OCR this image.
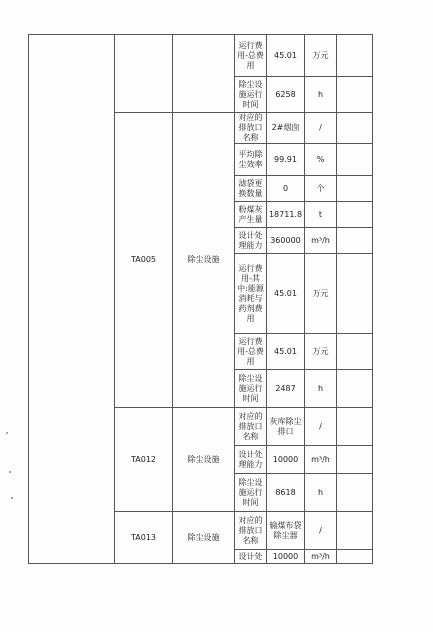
			运行费用-总费用	45.01	万元	
			除尘设施运行时间	6258	h	
	TA005	除尘设施	对应的排放口名称	2#烟囱	/	
			平均除尘效率	99.91	%	
			滤袋更换数量	0	个	
			粉煤灰产生量	18711.8	t	
			设计处理能力	360000	m³/h	
			运行费用-其中:能源消耗与药剂费用	45.01	万元	
			运行费用-总费用	45.01	万元	
			除尘设施运行时间	2487	h	
	TA012	除尘设施	对应的排放口名称	灰库除尘排口	/	
			设计处理能力	10000	m³/h	
			除尘设施运行时间	8618	h	
	TA013	除尘设施	对应的排放口名称	输煤布袋除尘器	/	
			设计处	10000	m³/h	
